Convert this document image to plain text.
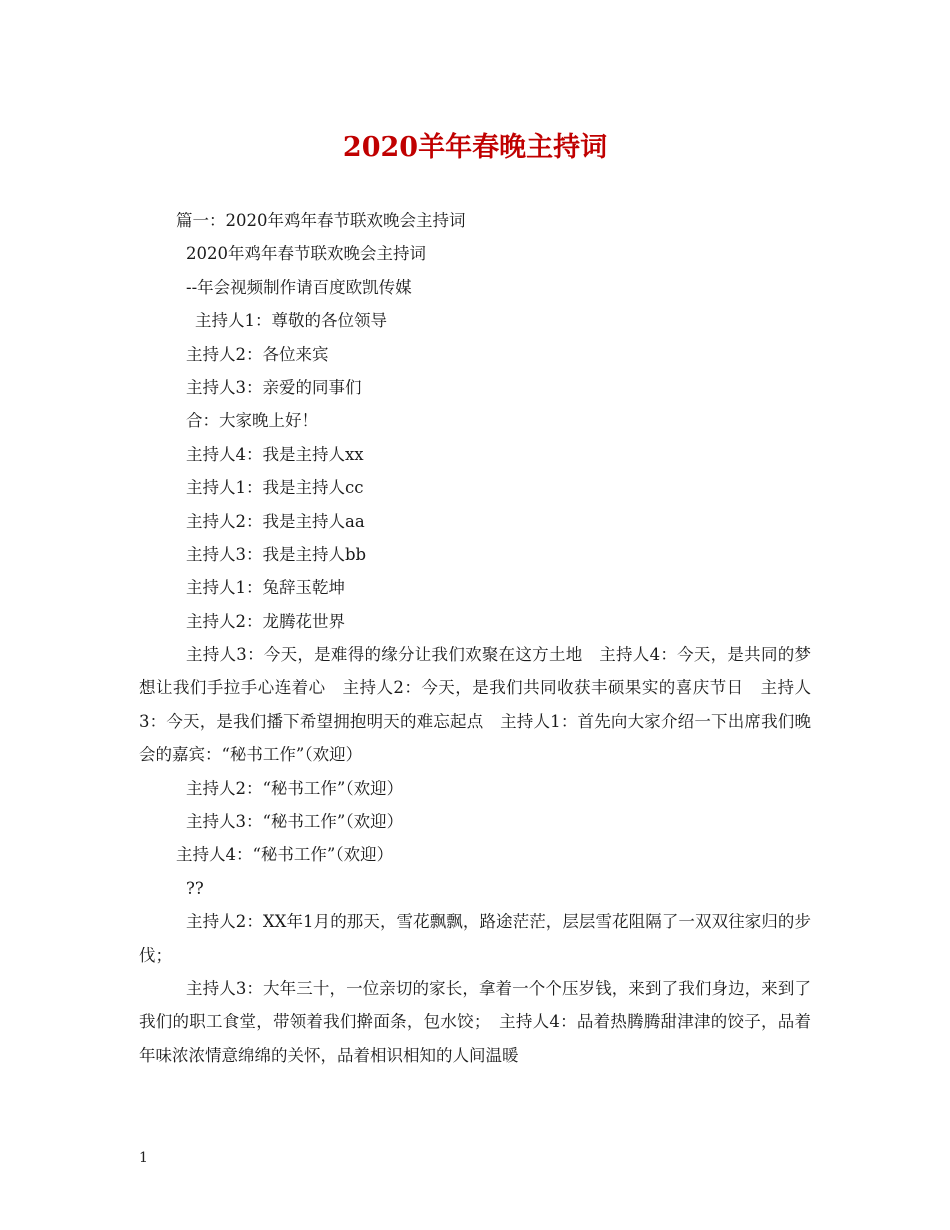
2020羊年春晚主持词
篇一：2020年鸡年春节联欢晚会主持词
2020年鸡年春节联欢晚会主持词
--年会视频制作请百度欧凯传媒
主持人1：尊敬的各位领导
主持人2：各位来宾
主持人3：亲爱的同事们
合：大家晚上好！
主持人4：我是主持人xx
主持人1：我是主持人cc
主持人2：我是主持人aa
主持人3：我是主持人bb
主持人1：兔辞玉乾坤
主持人2：龙腾花世界
主持人3：今天，是难得的缘分让我们欢聚在这方土地　主持人4：今天，是共同的梦想让我们手拉手心连着心　主持人2：今天，是我们共同收获丰硕果实的喜庆节日　主持人3：今天，是我们播下希望拥抱明天的难忘起点　主持人1：首先向大家介绍一下出席我们晚会的嘉宾：“秘书工作”（欢迎）
主持人2：“秘书工作”（欢迎）
主持人3：“秘书工作”（欢迎）
主持人4：“秘书工作”（欢迎）
??
主持人2：XX年1月的那天，雪花飘飘，路途茫茫，层层雪花阻隔了一双双往家归的步伐；
主持人3：大年三十，一位亲切的家长，拿着一个个压岁钱，来到了我们身边，来到了我们的职工食堂，带领着我们擀面条，包水饺；　主持人4：品着热腾腾甜津津的饺子，品着年味浓浓情意绵绵的关怀，品着相识相知的人间温暖
1
